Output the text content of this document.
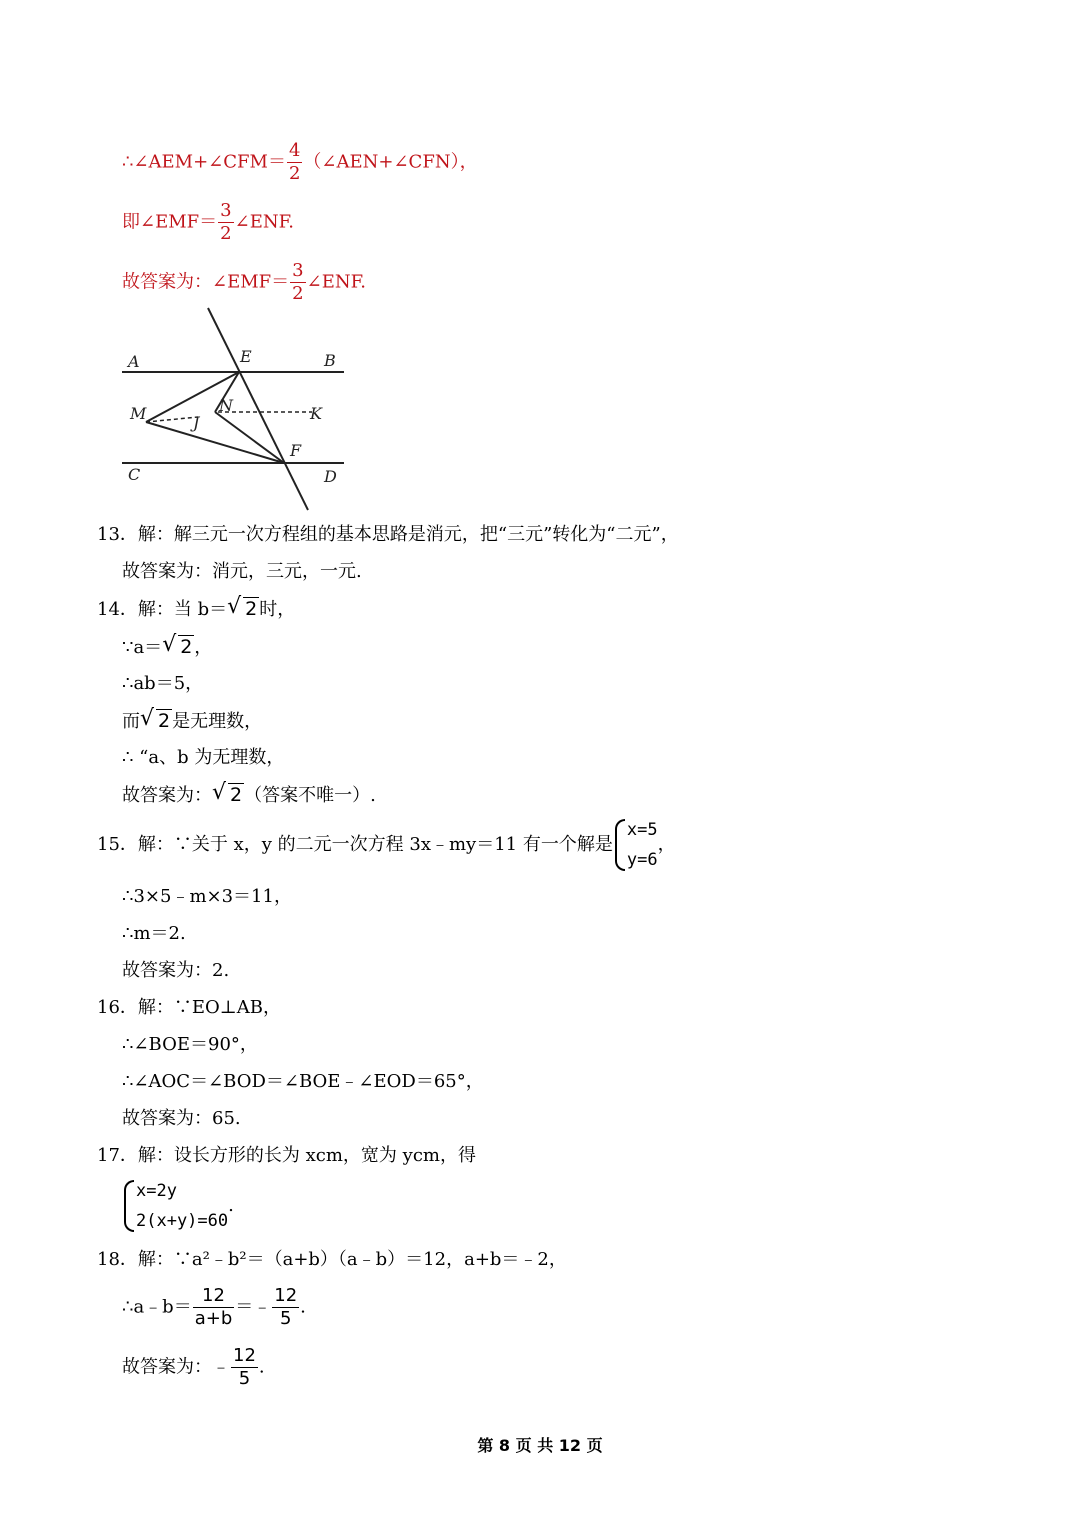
∴∠AEM+∠CFM＝ $\frac{4}{2}$ （∠AEN+∠CFN），
即∠EMF＝ $\frac{3}{2}$ ∠ENF.
故答案为：∠EMF＝ $\frac{3}{2}$ ∠ENF.
A	E	B
M	N	K
J
F
C	D
13．解：解三元一次方程组的基本思路是消元，把“三元”转化为“二元”，
故答案为：消元，三元，一元.
14．解：当 b＝ √ 2 时，
∵a＝ √ 2 ，
∴ab＝5，
而 √ 2 是无理数，
∴ “a、b 为无理数，
故答案为： √ 2 （答案不唯一）.
15．解：∵关于 x，y 的二元一次方程 3x﹣my＝11 有一个解是
x=5
y=6
，
∴3×5﹣m×3＝11，
∴m＝2.
故答案为：2.
16．解：∵EO⊥AB，
∴∠BOE＝90°，
∴∠AOC＝∠BOD＝∠BOE﹣∠EOD＝65°，
故答案为：65.
17．解：设长方形的长为 xcm，宽为 ycm，得
x=2y
2(x+y)=60
.
18．解：∵a²﹣b²＝（a+b）（a﹣b）＝12，a+b＝﹣2，
∴a﹣b＝ $\frac{12}{a+b}$ ＝﹣ $\frac{12}{5}$ .
故答案为：﹣ $\frac{12}{5}$ .
第 8 页 共 12 页
